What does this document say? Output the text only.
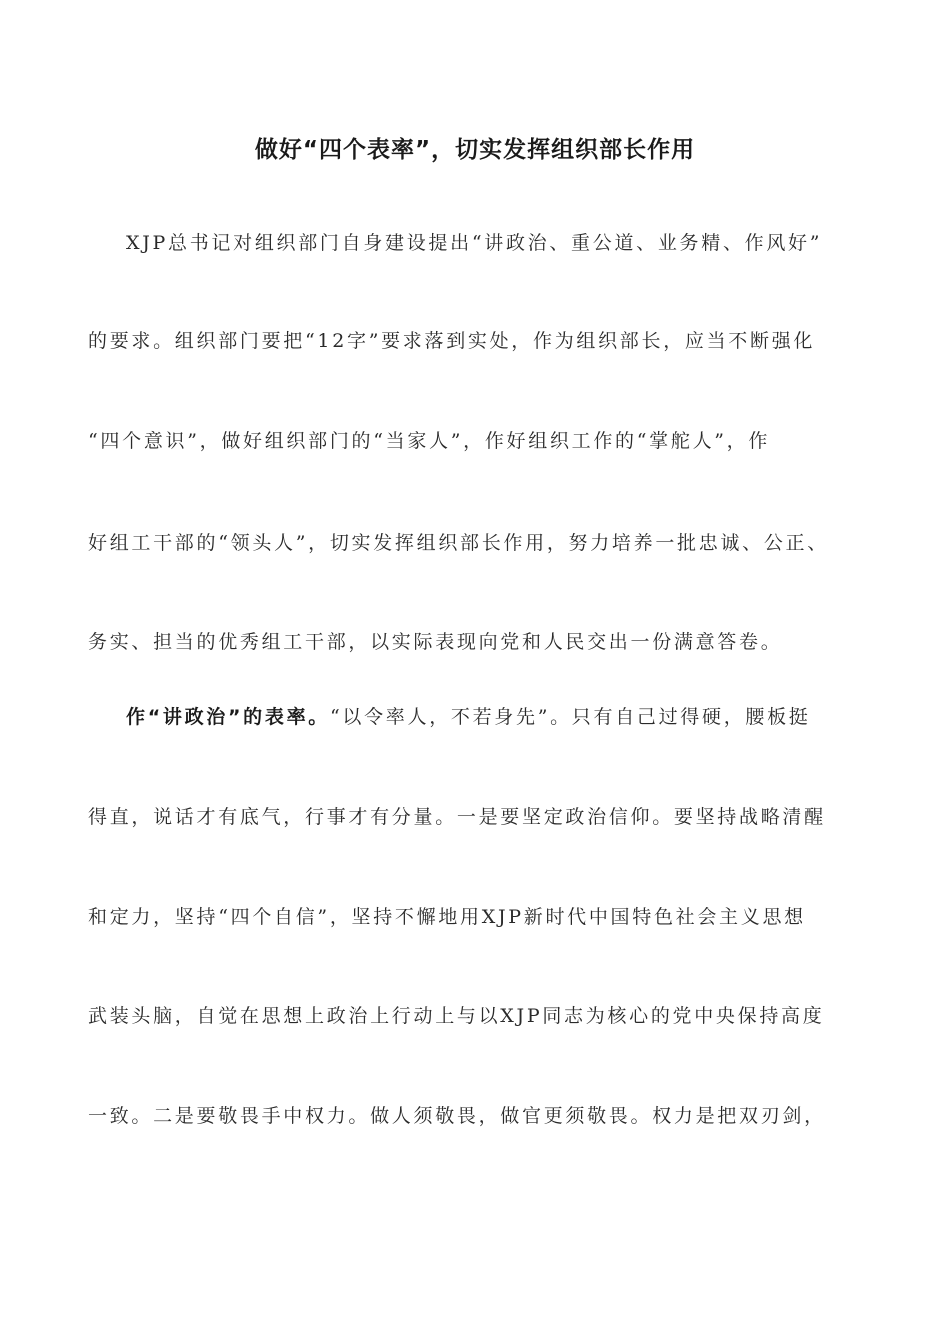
做好“四个表率”，切实发挥组织部长作用
XJP总书记对组织部门自身建设提出“讲政治、重公道、业务精、作风好”
的要求。组织部门要把“12字”要求落到实处，作为组织部长，应当不断强化
“四个意识”，做好组织部门的“当家人”，作好组织工作的“掌舵人”，作
好组工干部的“领头人”，切实发挥组织部长作用，努力培养一批忠诚、公正、
务实、担当的优秀组工干部，以实际表现向党和人民交出一份满意答卷。
作“讲政治”的表率。“以令率人，不若身先”。只有自己过得硬，腰板挺
得直，说话才有底气，行事才有分量。一是要坚定政治信仰。要坚持战略清醒
和定力，坚持“四个自信”，坚持不懈地用XJP新时代中国特色社会主义思想
武装头脑，自觉在思想上政治上行动上与以XJP同志为核心的党中央保持高度
一致。二是要敬畏手中权力。做人须敬畏，做官更须敬畏。权力是把双刃剑，
